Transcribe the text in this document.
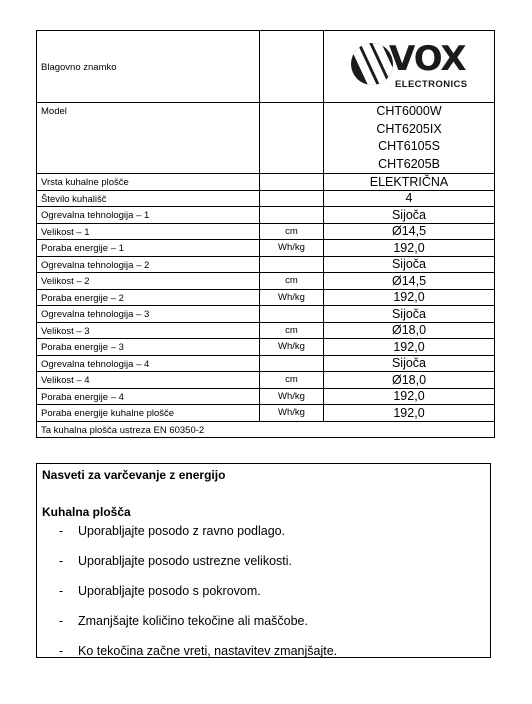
Blagovno znamko		VOX
ELECTRONICS

Model		CHT6000W
CHT6205IX
CHT6105S
CHT6205B

Vrsta kuhalne plošče		ELEKTRIČNA
Število kuhališč		4
Ogrevalna tehnologija – 1		Sijoča
Velikost – 1	cm	Ø14,5
Poraba energije – 1	Wh/kg	192,0
Ogrevalna tehnologija – 2		Sijoča
Velikost – 2	cm	Ø14,5
Poraba energije – 2	Wh/kg	192,0
Ogrevalna tehnologija – 3		Sijoča
Velikost – 3	cm	Ø18,0
Poraba energije – 3	Wh/kg	192,0
Ogrevalna tehnologija – 4		Sijoča
Velikost – 4	cm	Ø18,0
Poraba energije – 4	Wh/kg	192,0
Poraba energije kuhalne plošče	Wh/kg	192,0
Ta kuhalna plošča ustreza EN 60350-2		
Nasveti za varčevanje z energijo
Kuhalna plošča
- Uporabljajte posodo z ravno podlago.
- Uporabljajte posodo ustrezne velikosti.
- Uporabljajte posodo s pokrovom.
- Zmanjšajte količino tekočine ali maščobe.
- Ko tekočina začne vreti, nastavitev zmanjšajte.
